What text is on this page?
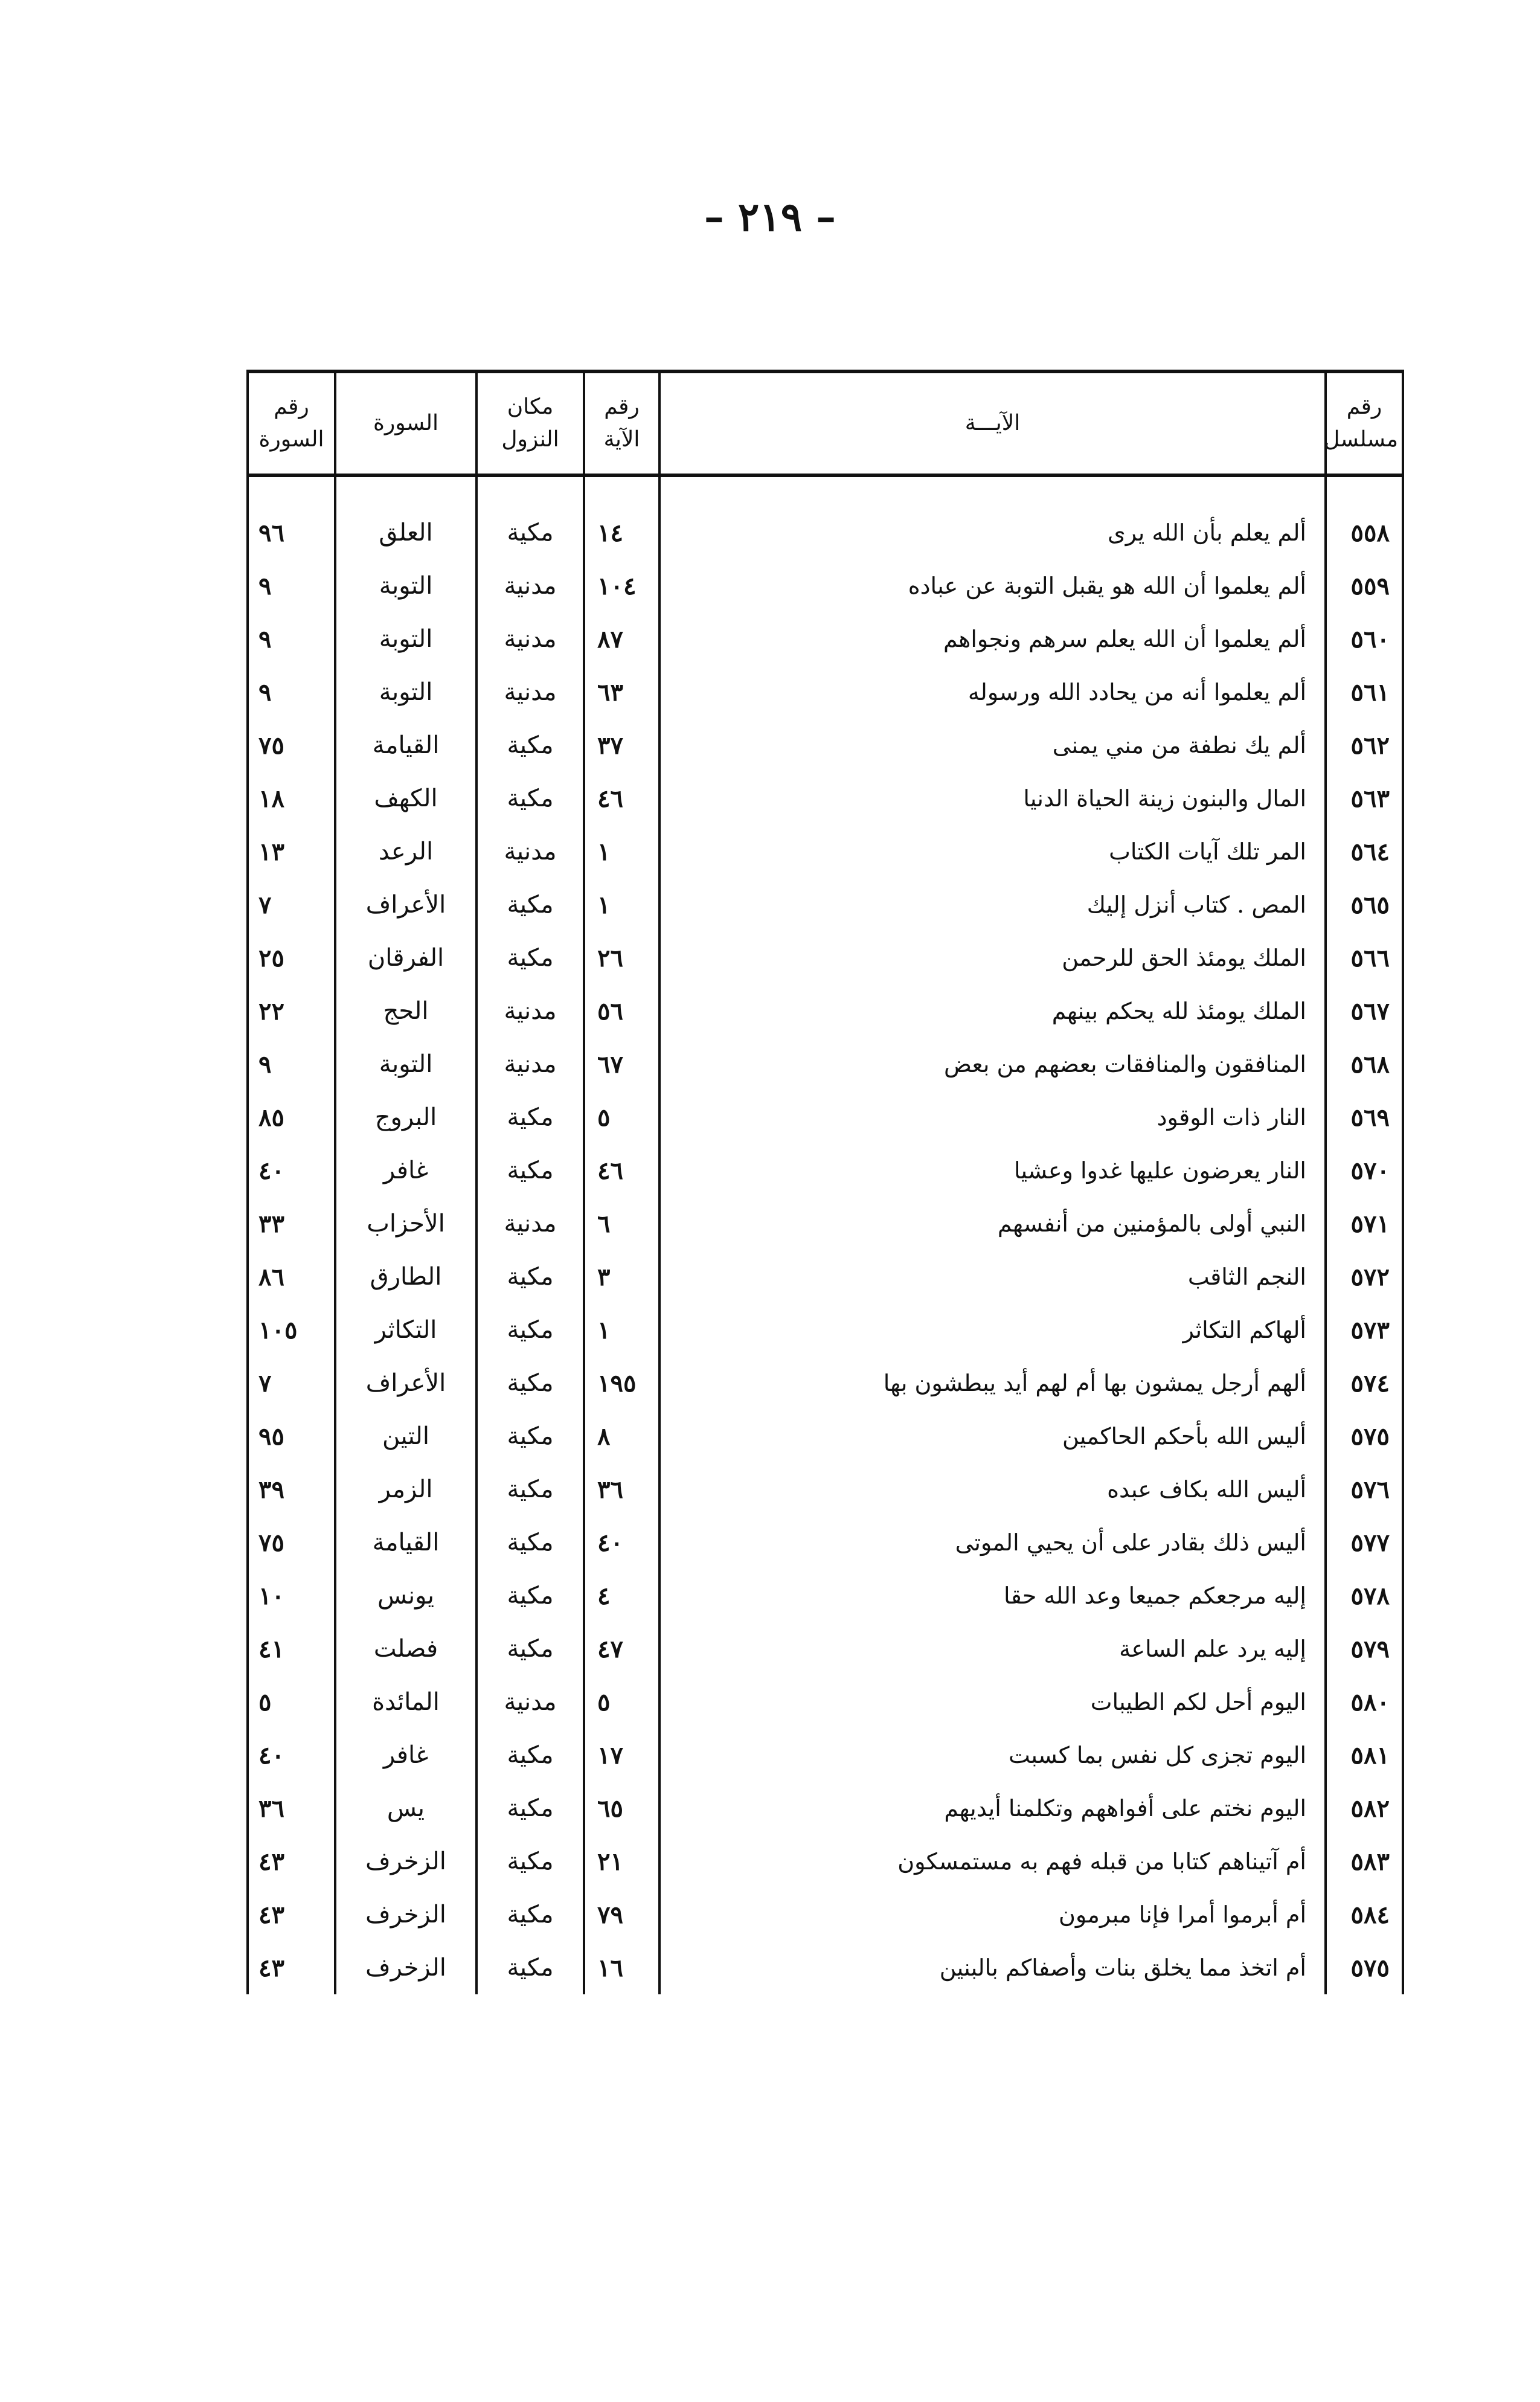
– ٢١٩ –
رقم مسلسل	الآيـــة	رقم الآية	مكان النزول	السورة	رقم السورة

٥٥٨	ألم يعلم بأن الله يرى	١٤	مكية	العلق	٩٦
٥٥٩	ألم يعلموا أن الله هو يقبل التوبة عن عباده	١٠٤	مدنية	التوبة	٩
٥٦٠	ألم يعلموا أن الله يعلم سرهم ونجواهم	٨٧	مدنية	التوبة	٩
٥٦١	ألم يعلموا أنه من يحادد الله ورسوله	٦٣	مدنية	التوبة	٩
٥٦٢	ألم يك نطفة من مني يمنى	٣٧	مكية	القيامة	٧٥
٥٦٣	المال والبنون زينة الحياة الدنيا	٤٦	مكية	الكهف	١٨
٥٦٤	المر تلك آيات الكتاب	١	مدنية	الرعد	١٣
٥٦٥	المص . كتاب أنزل إليك	١	مكية	الأعراف	٧
٥٦٦	الملك يومئذ الحق للرحمن	٢٦	مكية	الفرقان	٢٥
٥٦٧	الملك يومئذ لله يحكم بينهم	٥٦	مدنية	الحج	٢٢
٥٦٨	المنافقون والمنافقات بعضهم من بعض	٦٧	مدنية	التوبة	٩
٥٦٩	النار ذات الوقود	٥	مكية	البروج	٨٥
٥٧٠	النار يعرضون عليها غدوا وعشيا	٤٦	مكية	غافر	٤٠
٥٧١	النبي أولى بالمؤمنين من أنفسهم	٦	مدنية	الأحزاب	٣٣
٥٧٢	النجم الثاقب	٣	مكية	الطارق	٨٦
٥٧٣	ألهاكم التكاثر	١	مكية	التكاثر	١٠٥
٥٧٤	ألهم أرجل يمشون بها أم لهم أيد يبطشون بها	١٩٥	مكية	الأعراف	٧
٥٧٥	أليس الله بأحكم الحاكمين	٨	مكية	التين	٩٥
٥٧٦	أليس الله بكاف عبده	٣٦	مكية	الزمر	٣٩
٥٧٧	أليس ذلك بقادر على أن يحيي الموتى	٤٠	مكية	القيامة	٧٥
٥٧٨	إليه مرجعكم جميعا وعد الله حقا	٤	مكية	يونس	١٠
٥٧٩	إليه يرد علم الساعة	٤٧	مكية	فصلت	٤١
٥٨٠	اليوم أحل لكم الطيبات	٥	مدنية	المائدة	٥
٥٨١	اليوم تجزى كل نفس بما كسبت	١٧	مكية	غافر	٤٠
٥٨٢	اليوم نختم على أفواههم وتكلمنا أيديهم	٦٥	مكية	يس	٣٦
٥٨٣	أم آتيناهم كتابا من قبله فهم به مستمسكون	٢١	مكية	الزخرف	٤٣
٥٨٤	أم أبرموا أمرا فإنا مبرمون	٧٩	مكية	الزخرف	٤٣
٥٧٥	أم اتخذ مما يخلق بنات وأصفاكم بالبنين	١٦	مكية	الزخرف	٤٣
